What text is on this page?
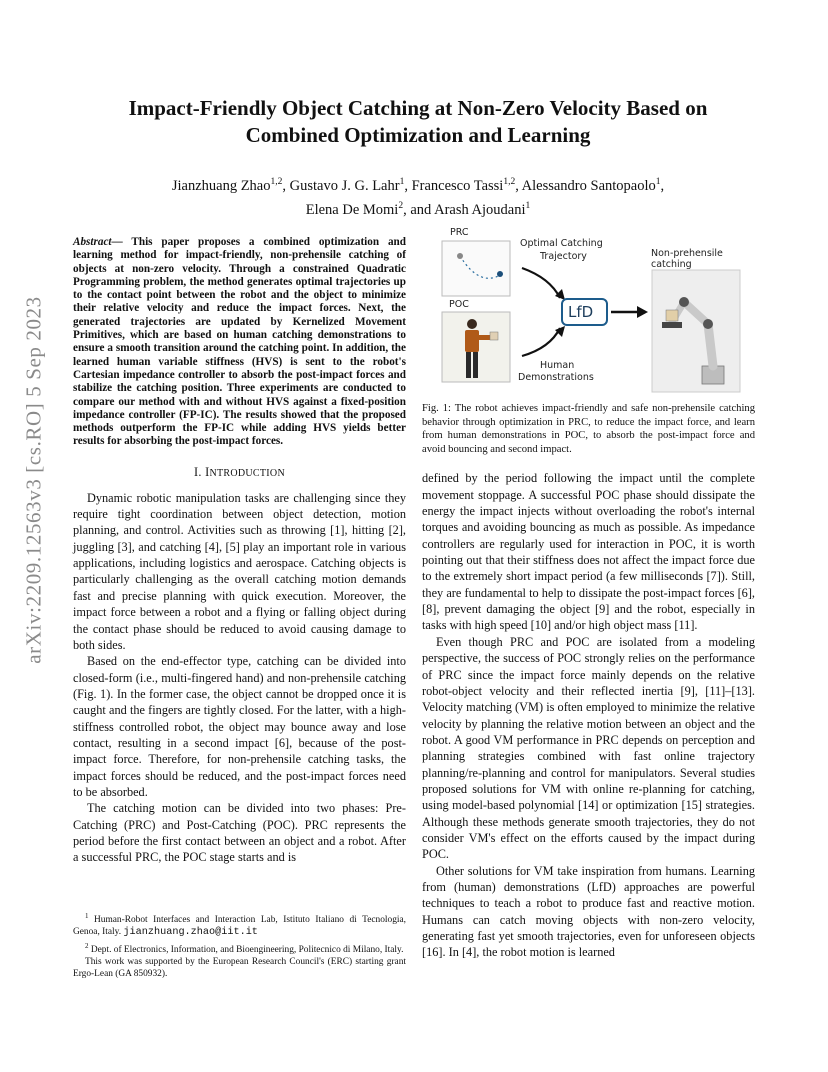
arXiv:2209.12563v3 [cs.RO] 5 Sep 2023
Impact-Friendly Object Catching at Non-Zero Velocity Based on
Combined Optimization and Learning
Jianzhuang Zhao$^{1,2}$, Gustavo J. G. Lahr$^1$, Francesco Tassi$^{1,2}$, Alessandro Santopaolo$^1$,
Elena De Momi$^2$, and Arash Ajoudani$^1$
Abstract— This paper proposes a combined optimization and learning method for impact-friendly, non-prehensile catching of objects at non-zero velocity. Through a constrained Quadratic Programming problem, the method generates optimal trajectories up to the contact point between the robot and the object to minimize their relative velocity and reduce the impact forces. Next, the generated trajectories are updated by Kernelized Movement Primitives, which are based on human catching demonstrations to ensure a smooth transition around the catching point. In addition, the learned human variable stiffness (HVS) is sent to the robot's Cartesian impedance controller to absorb the post-impact forces and stabilize the catching position. Three experiments are conducted to compare our method with and without HVS against a fixed-position impedance controller (FP-IC). The results showed that the proposed methods outperform the FP-IC while adding HVS yields better results for absorbing the post-impact forces.
I. INTRODUCTION

Dynamic robotic manipulation tasks are challenging since they require tight coordination between object detection, motion planning, and control. Activities such as throwing [1], hitting [2], juggling [3], and catching [4], [5] play an important role in various applications, including logistics and aerospace. Catching objects is particularly challenging as the overall catching motion demands fast and precise planning with quick execution. Moreover, the impact force between a robot and a flying or falling object during the contact phase should be reduced to avoid causing damage to both sides.

Based on the end-effector type, catching can be divided into closed-form (i.e., multi-fingered hand) and non-prehensile catching (Fig. 1). In the former case, the object cannot be dropped once it is caught and the fingers are tightly closed. For the latter, with a high-stiffness controlled robot, the object may bounce away and lose contact, resulting in a second impact [6], because of the post-impact force. Therefore, for non-prehensile catching tasks, the impact forces should be reduced, and the post-impact forces need to be absorbed.

The catching motion can be divided into two phases: Pre-Catching (PRC) and Post-Catching (POC). PRC represents the period before the first contact between an object and a robot. After a successful PRC, the POC stage starts and is

$^1$ Human-Robot Interfaces and Interaction Lab, Istituto Italiano di Tecnologia, Genoa, Italy. jianzhuang.zhao@iit.it

$^2$ Dept. of Electronics, Information, and Bioengineering, Politecnico di Milano, Italy.

This work was supported by the European Research Council's (ERC) starting grant Ergo-Lean (GA 850932).

PRC
POC
Optimal Catching
Trajectory
LfD
Non-prehensile
catching
Human
Demonstrations
Fig. 1: The robot achieves impact-friendly and safe non-prehensile catching behavior through optimization in PRC, to reduce the impact force, and learn from human demonstrations in POC, to absorb the post-impact force and avoid bouncing and second impact.

defined by the period following the impact until the complete movement stoppage. A successful POC phase should dissipate the energy the impact injects without overloading the robot's internal torques and avoiding bouncing as much as possible. As impedance controllers are regularly used for interaction in POC, it is worth pointing out that their stiffness does not affect the impact force due to the extremely short impact period (a few milliseconds [7]). Still, they are fundamental to help to dissipate the post-impact forces [6], [8], prevent damaging the object [9] and the robot, especially in tasks with high speed [10] and/or high object mass [11].

Even though PRC and POC are isolated from a modeling perspective, the success of POC strongly relies on the performance of PRC since the impact force mainly depends on the relative robot-object velocity and their reflected inertia [9], [11]–[13]. Velocity matching (VM) is often employed to minimize the relative velocity by planning the relative motion between an object and the robot. A good VM performance in PRC depends on perception and planning strategies combined with fast online trajectory planning/re-planning and control for manipulators. Several studies proposed solutions for VM with online re-planning for catching, using model-based polynomial [14] or optimization [15] strategies. Although these methods generate smooth trajectories, they do not consider VM's effect on the efforts caused by the impact during POC.

Other solutions for VM take inspiration from humans. Learning from (human) demonstrations (LfD) approaches are powerful techniques to teach a robot to produce fast and reactive motion. Humans can catch moving objects with non-zero velocity, generating fast yet smooth trajectories, even for unforeseen objects [16]. In [4], the robot motion is learned
